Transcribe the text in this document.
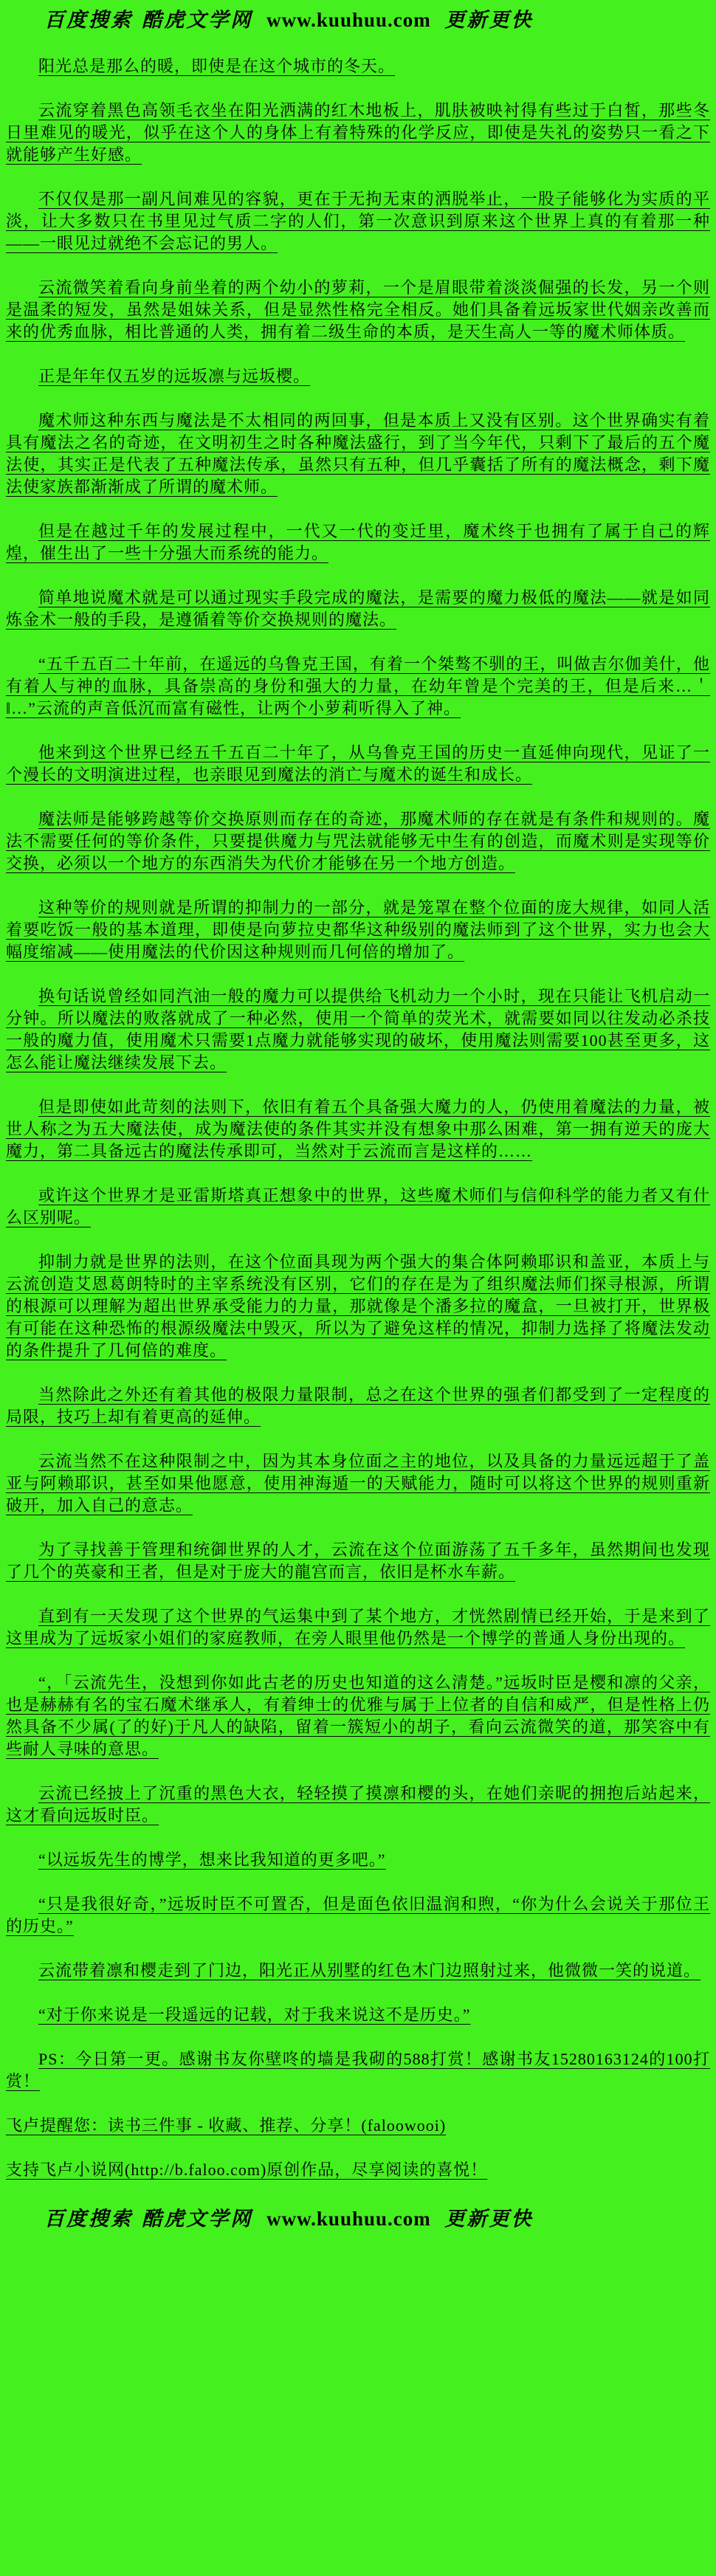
百度搜索 酷虎文学网 www.kuuhuu.com 更新更快

阳光总是那么的暖，即使是在这个城市的冬天。

云流穿着黑色高领毛衣坐在阳光洒满的红木地板上，肌肤被映衬得有些过于白皙，那些冬日里难见的暖光，似乎在这个人的身体上有着特殊的化学反应，即使是失礼的姿势只一看之下就能够产生好感。

不仅仅是那一副凡间难见的容貌，更在于无拘无束的洒脱举止，一股子能够化为实质的平淡，让大多数只在书里见过气质二字的人们，第一次意识到原来这个世界上真的有着那一种——一眼见过就绝不会忘记的男人。

云流微笑着看向身前坐着的两个幼小的萝莉，一个是眉眼带着淡淡倔强的长发，另一个则是温柔的短发，虽然是姐妹关系，但是显然性格完全相反。她们具备着远坂家世代姻亲改善而来的优秀血脉，相比普通的人类，拥有着二级生命的本质，是天生高人一等的魔术师体质。

正是年年仅五岁的远坂凛与远坂樱。

魔术师这种东西与魔法是不太相同的两回事，但是本质上又没有区别。这个世界确实有着具有魔法之名的奇迹，在文明初生之时各种魔法盛行，到了当今年代，只剩下了最后的五个魔法使，其实正是代表了五种魔法传承，虽然只有五种，但几乎囊括了所有的魔法概念，剩下魔法使家族都渐渐成了所谓的魔术师。

但是在越过千年的发展过程中，一代又一代的变迁里，魔术终于也拥有了属于自己的辉煌，催生出了一些十分强大而系统的能力。

简单地说魔术就是可以通过现实手段完成的魔法，是需要的魔力极低的魔法——就是如同炼金术一般的手段，是遵循着等价交换规则的魔法。

“五千五百二十年前，在遥远的乌鲁克王国，有着一个桀骜不驯的王，叫做吉尔伽美什，他有着人与神的血脉，具备崇高的身份和强大的力量，在幼年曾是个完美的王，但是后来…＇‖…”云流的声音低沉而富有磁性，让两个小萝莉听得入了神。

他来到这个世界已经五千五百二十年了，从乌鲁克王国的历史一直延伸向现代，见证了一个漫长的文明演进过程，也亲眼见到魔法的消亡与魔术的诞生和成长。

魔法师是能够跨越等价交换原则而存在的奇迹，那魔术师的存在就是有条件和规则的。魔法不需要任何的等价条件，只要提供魔力与咒法就能够无中生有的创造，而魔术则是实现等价交换，必须以一个地方的东西消失为代价才能够在另一个地方创造。

这种等价的规则就是所谓的抑制力的一部分，就是笼罩在整个位面的庞大规律，如同人活着要吃饭一般的基本道理，即使是向萝拉史都华这种级别的魔法师到了这个世界，实力也会大幅度缩减——使用魔法的代价因这种规则而几何倍的增加了。

换句话说曾经如同汽油一般的魔力可以提供给飞机动力一个小时，现在只能让飞机启动一分钟。所以魔法的败落就成了一种必然，使用一个简单的荧光术，就需要如同以往发动必杀技一般的魔力值，使用魔术只需要1点魔力就能够实现的破坏，使用魔法则需要100甚至更多，这怎么能让魔法继续发展下去。

但是即使如此苛刻的法则下，依旧有着五个具备强大魔力的人，仍使用着魔法的力量，被世人称之为五大魔法使，成为魔法使的条件其实并没有想象中那么困难，第一拥有逆天的庞大魔力，第二具备远古的魔法传承即可，当然对于云流而言是这样的……

或许这个世界才是亚雷斯塔真正想象中的世界，这些魔术师们与信仰科学的能力者又有什么区别呢。

抑制力就是世界的法则，在这个位面具现为两个强大的集合体阿赖耶识和盖亚，本质上与云流创造艾恩葛朗特时的主宰系统没有区别，它们的存在是为了组织魔法师们探寻根源，所谓的根源可以理解为超出世界承受能力的力量，那就像是个潘多拉的魔盒，一旦被打开，世界极有可能在这种恐怖的根源级魔法中毁灭，所以为了避免这样的情况，抑制力选择了将魔法发动的条件提升了几何倍的难度。

当然除此之外还有着其他的极限力量限制，总之在这个世界的强者们都受到了一定程度的局限，技巧上却有着更高的延伸。

云流当然不在这种限制之中，因为其本身位面之主的地位，以及具备的力量远远超于了盖亚与阿赖耶识，甚至如果他愿意，使用神海遁一的天赋能力，随时可以将这个世界的规则重新破开，加入自己的意志。

为了寻找善于管理和统御世界的人才，云流在这个位面游荡了五千多年，虽然期间也发现了几个的英豪和王者，但是对于庞大的龍宫而言，依旧是杯水车薪。

直到有一天发现了这个世界的气运集中到了某个地方，才恍然剧情已经开始，于是来到了这里成为了远坂家小姐们的家庭教师，在旁人眼里他仍然是一个博学的普通人身份出现的。

“，「云流先生，没想到你如此古老的历史也知道的这么清楚。”远坂时臣是樱和凛的父亲，也是赫赫有名的宝石魔术继承人，有着绅士的优雅与属于上位者的自信和威严，但是性格上仍然具备不少属(了的好)于凡人的缺陷，留着一簇短小的胡子，看向云流微笑的道，那笑容中有些耐人寻味的意思。

云流已经披上了沉重的黑色大衣，轻轻摸了摸凛和樱的头，在她们亲昵的拥抱后站起来，这才看向远坂时臣。

“以远坂先生的博学，想来比我知道的更多吧。”

“只是我很好奇，”远坂时臣不可置否，但是面色依旧温润和煦，“你为什么会说关于那位王的历史。”

云流带着凛和樱走到了门边，阳光正从别墅的红色木门边照射过来，他微微一笑的说道。

“对于你来说是一段遥远的记载，对于我来说这不是历史。”

PS：今日第一更。感谢书友你壁咚的墙是我砌的588打赏！感谢书友15280163124的100打赏！

飞卢提醒您：读书三件事 - 收藏、推荐、分享！(faloowooi)

支持飞卢小说网(http://b.faloo.com)原创作品，尽享阅读的喜悦！

百度搜索 酷虎文学网 www.kuuhuu.com 更新更快
